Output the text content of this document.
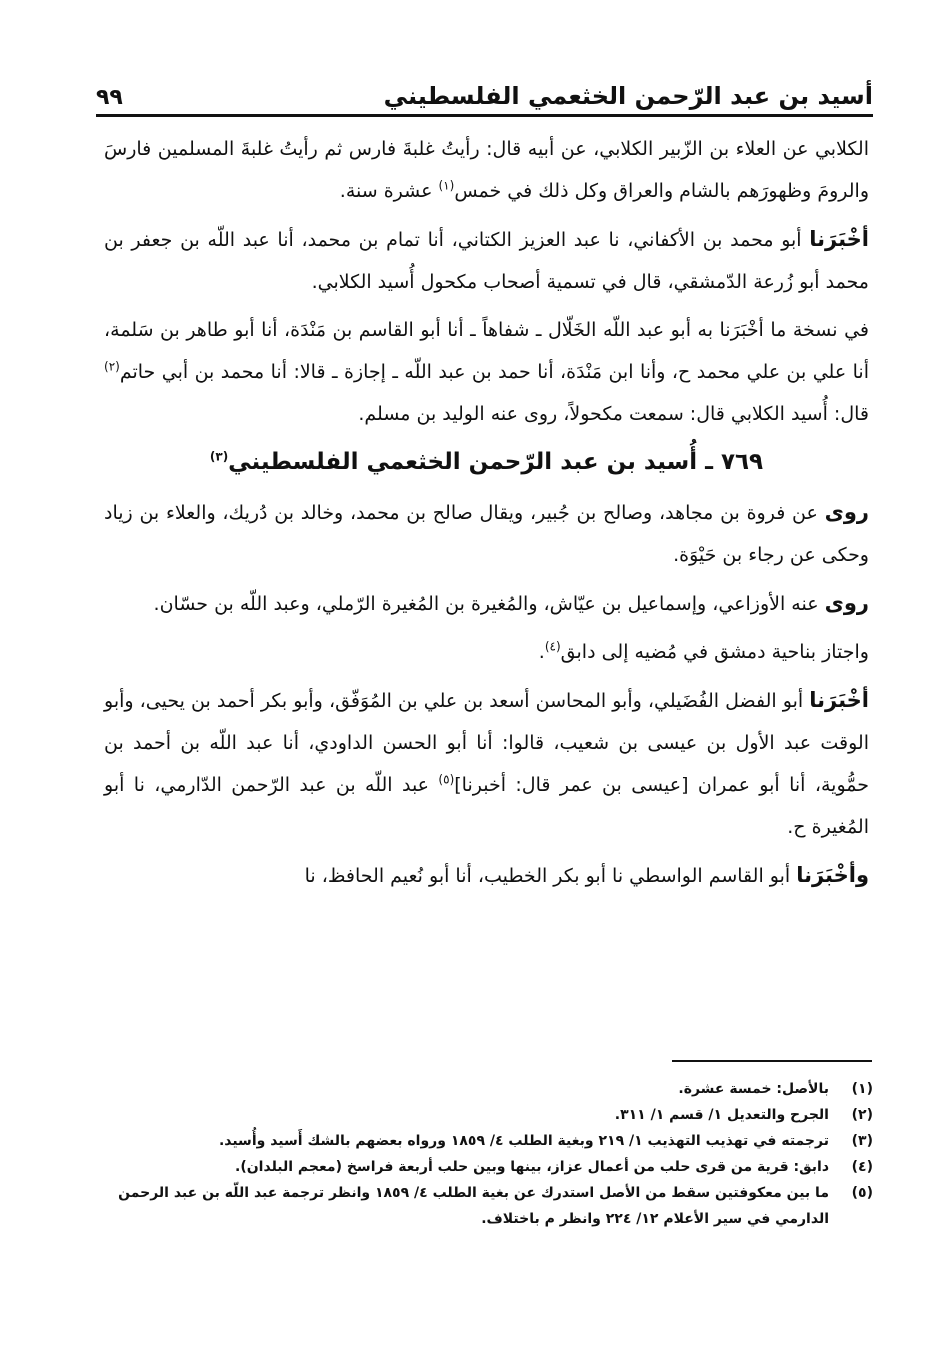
أسيد بن عبد الرّحمن الخثعمي الفلسطيني
٩٩

الكلابي عن العلاء بن الزّبير الكلابي، عن أبيه قال: رأيتُ غلبةَ فارس ثم رأيتُ غلبةَ المسلمين فارسَ والرومَ وظهورَهم بالشام والعراق وكل ذلك في خمس$^{(١)}$ عشرة سنة.

أخْبَرَنا أبو محمد بن الأكفاني، نا عبد العزيز الكتاني، أنا تمام بن محمد، أنا عبد اللّه بن جعفر بن محمد أبو زُرعة الدّمشقي، قال في تسمية أصحاب مكحول أُسيد الكلابي.

في نسخة ما أخْبَرَنا به أبو عبد اللّه الخَلّال ـ شفاهاً ـ أنا أبو القاسم بن مَنْدَة، أنا أبو طاهر بن سَلمة، أنا علي بن علي محمد ح، وأنا ابن مَنْدَة، أنا حمد بن عبد اللّه ـ إجازة ـ قالا: أنا محمد بن أبي حاتم$^{(٢)}$ قال: أُسيد الكلابي قال: سمعت مكحولاً، روى عنه الوليد بن مسلم.

٧٦٩ ـ أُسيد بن عبد الرّحمن الخثعمي الفلسطيني$^{(٣)}$

روى عن فروة بن مجاهد، وصالح بن جُبير، ويقال صالح بن محمد، وخالد بن دُريك، والعلاء بن زياد وحكى عن رجاء بن حَيْوَة.

روى عنه الأوزاعي، وإسماعيل بن عيّاش، والمُغيرة بن المُغيرة الرّملي، وعبد اللّه بن حسّان.

واجتاز بناحية دمشق في مُضيه إلى دابق$^{(٤)}$.

أخْبَرَنا أبو الفضل الفُضَيلي، وأبو المحاسن أسعد بن علي بن المُوَفّق، وأبو بكر أحمد بن يحيى، وأبو الوقت عبد الأول بن عيسى بن شعيب، قالوا: أنا أبو الحسن الداودي، أنا عبد اللّه بن أحمد بن حمُّوية، أنا أبو عمران [عيسى بن عمر قال: أخبرنا]$^{(٥)}$ عبد اللّه بن عبد الرّحمن الدّارمي، نا أبو المُغيرة ح.

وأخْبَرَنا أبو القاسم الواسطي نا أبو بكر الخطيب، أنا أبو نُعيم الحافظ، نا

(١)
بالأصل: خمسة عشرة.
(٢)
الجرح والتعديل ١/ قسم ١/ ٣١١.
(٣)
ترجمته في تهذيب التهذيب ١/ ٢١٩ وبغية الطلب ٤/ ١٨٥٩ ورواه بعضهم بالشك أَسيد وأُسيد.
(٤)
دابق: قرية من قرى حلب من أعمال عزاز، بينها وبين حلب أربعة فراسخ (معجم البلدان).
(٥)
ما بين معكوفتين سقط من الأصل استدرك عن بغية الطلب ٤/ ١٨٥٩ وانظر ترجمة عبد اللّه بن عبد الرحمن الدارمي في سير الأعلام ١٢/ ٢٢٤ وانظر م باختلاف.
